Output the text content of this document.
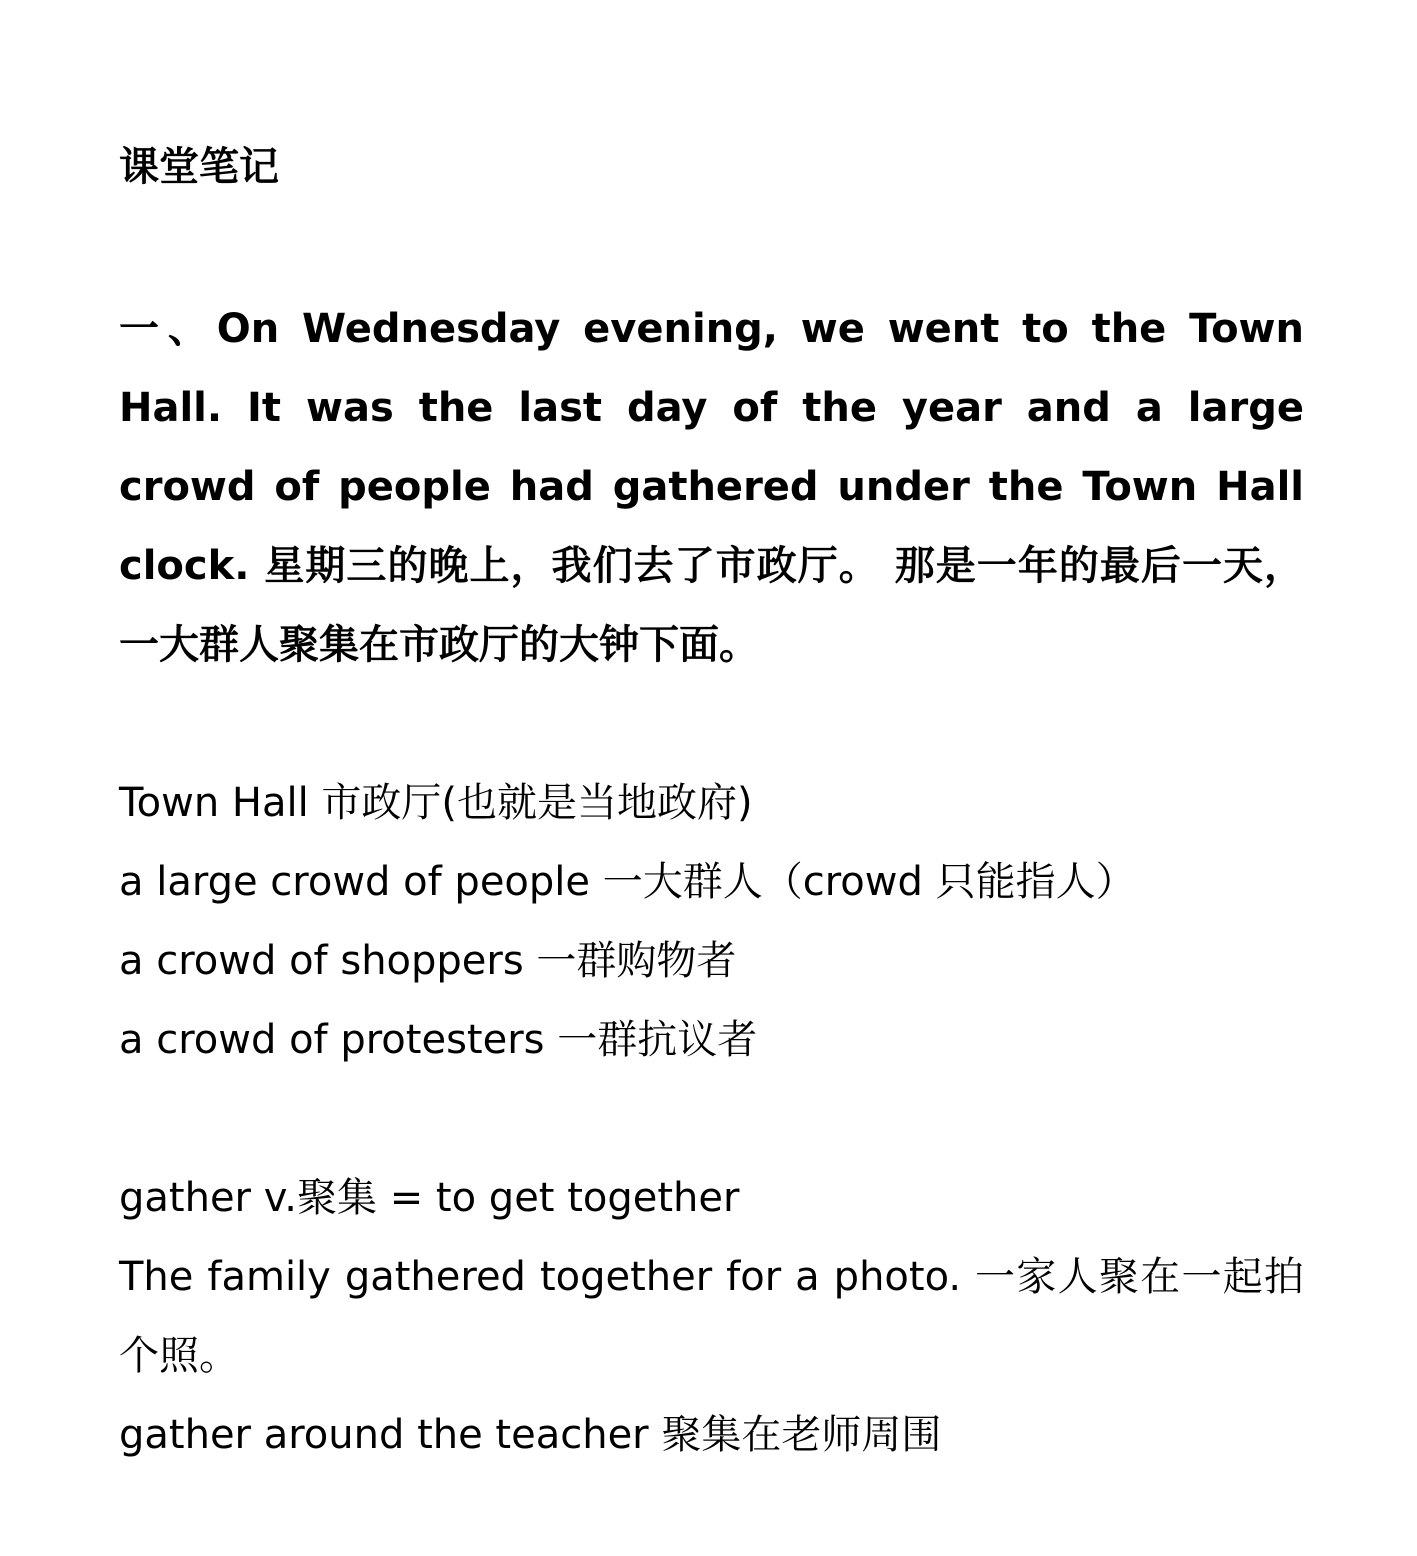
课堂笔记

一、On Wednesday evening, we went to the Town Hall. It was the last day of the year and a large crowd of people had gathered under the Town Hall clock. 星期三的晚上，我们去了市政厅。 那是一年的最后一天，一大群人聚集在市政厅的大钟下面。

Town Hall 市政厅(也就是当地政府)
a large crowd of people 一大群人（crowd 只能指人）
a crowd of shoppers 一群购物者
a crowd of protesters 一群抗议者
gather v.聚集 = to get together
The family gathered together for a photo. 一家人聚在一起拍个照。
gather around the teacher 聚集在老师周围
